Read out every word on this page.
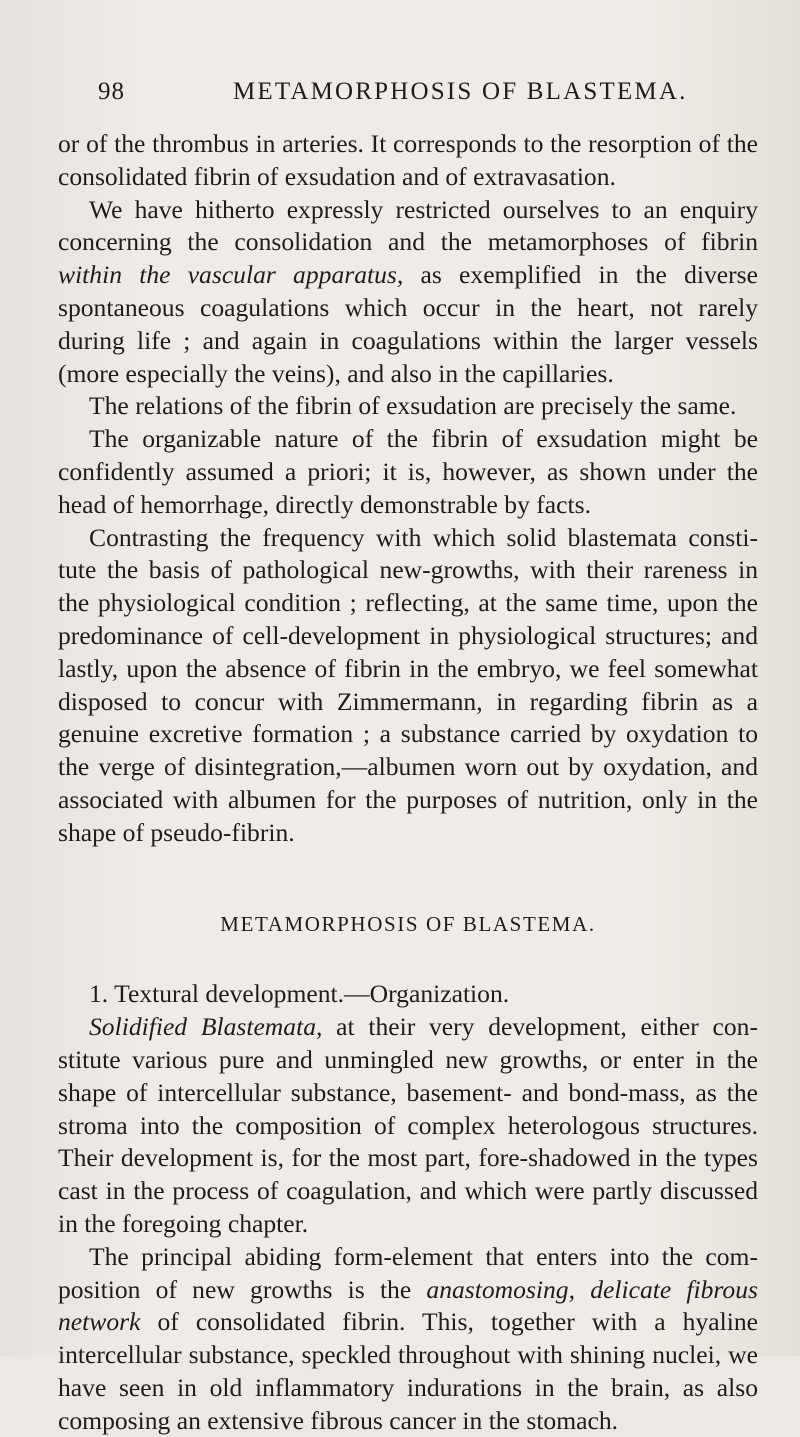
98	METAMORPHOSIS OF BLASTEMA.

or of the thrombus in arteries. It corresponds to the resorption of the consolidated fibrin of exsudation and of extravasation.

We have hitherto expressly restricted ourselves to an enquiry concerning the consolidation and the metamorphoses of fibrin within the vascular apparatus, as exemplified in the diverse spontaneous coagulations which occur in the heart, not rarely during life ; and again in coagulations within the larger vessels (more especially the veins), and also in the capillaries.

The relations of the fibrin of exsudation are precisely the same.

The organizable nature of the fibrin of exsudation might be confidently assumed a priori; it is, however, as shown under the head of hemorrhage, directly demonstrable by facts.

Contrasting the frequency with which solid blastemata consti-tute the basis of pathological new-growths, with their rareness in the physiological condition ; reflecting, at the same time, upon the predominance of cell-development in physiological structures; and lastly, upon the absence of fibrin in the embryo, we feel somewhat disposed to concur with Zimmermann, in regarding fibrin as a genuine excretive formation ; a substance carried by oxydation to the verge of disintegration,—albumen worn out by oxydation, and associated with albumen for the purposes of nutrition, only in the shape of pseudo-fibrin.

METAMORPHOSIS OF BLASTEMA.

1. Textural development.—Organization.

Solidified Blastemata, at their very development, either con-stitute various pure and unmingled new growths, or enter in the shape of intercellular substance, basement- and bond-mass, as the stroma into the composition of complex heterologous structures. Their development is, for the most part, fore-shadowed in the types cast in the process of coagulation, and which were partly discussed in the foregoing chapter.

The principal abiding form-element that enters into the com-position of new growths is the anastomosing, delicate fibrous network of consolidated fibrin. This, together with a hyaline intercellular substance, speckled throughout with shining nuclei, we have seen in old inflammatory indurations in the brain, as also composing an extensive fibrous cancer in the stomach.
